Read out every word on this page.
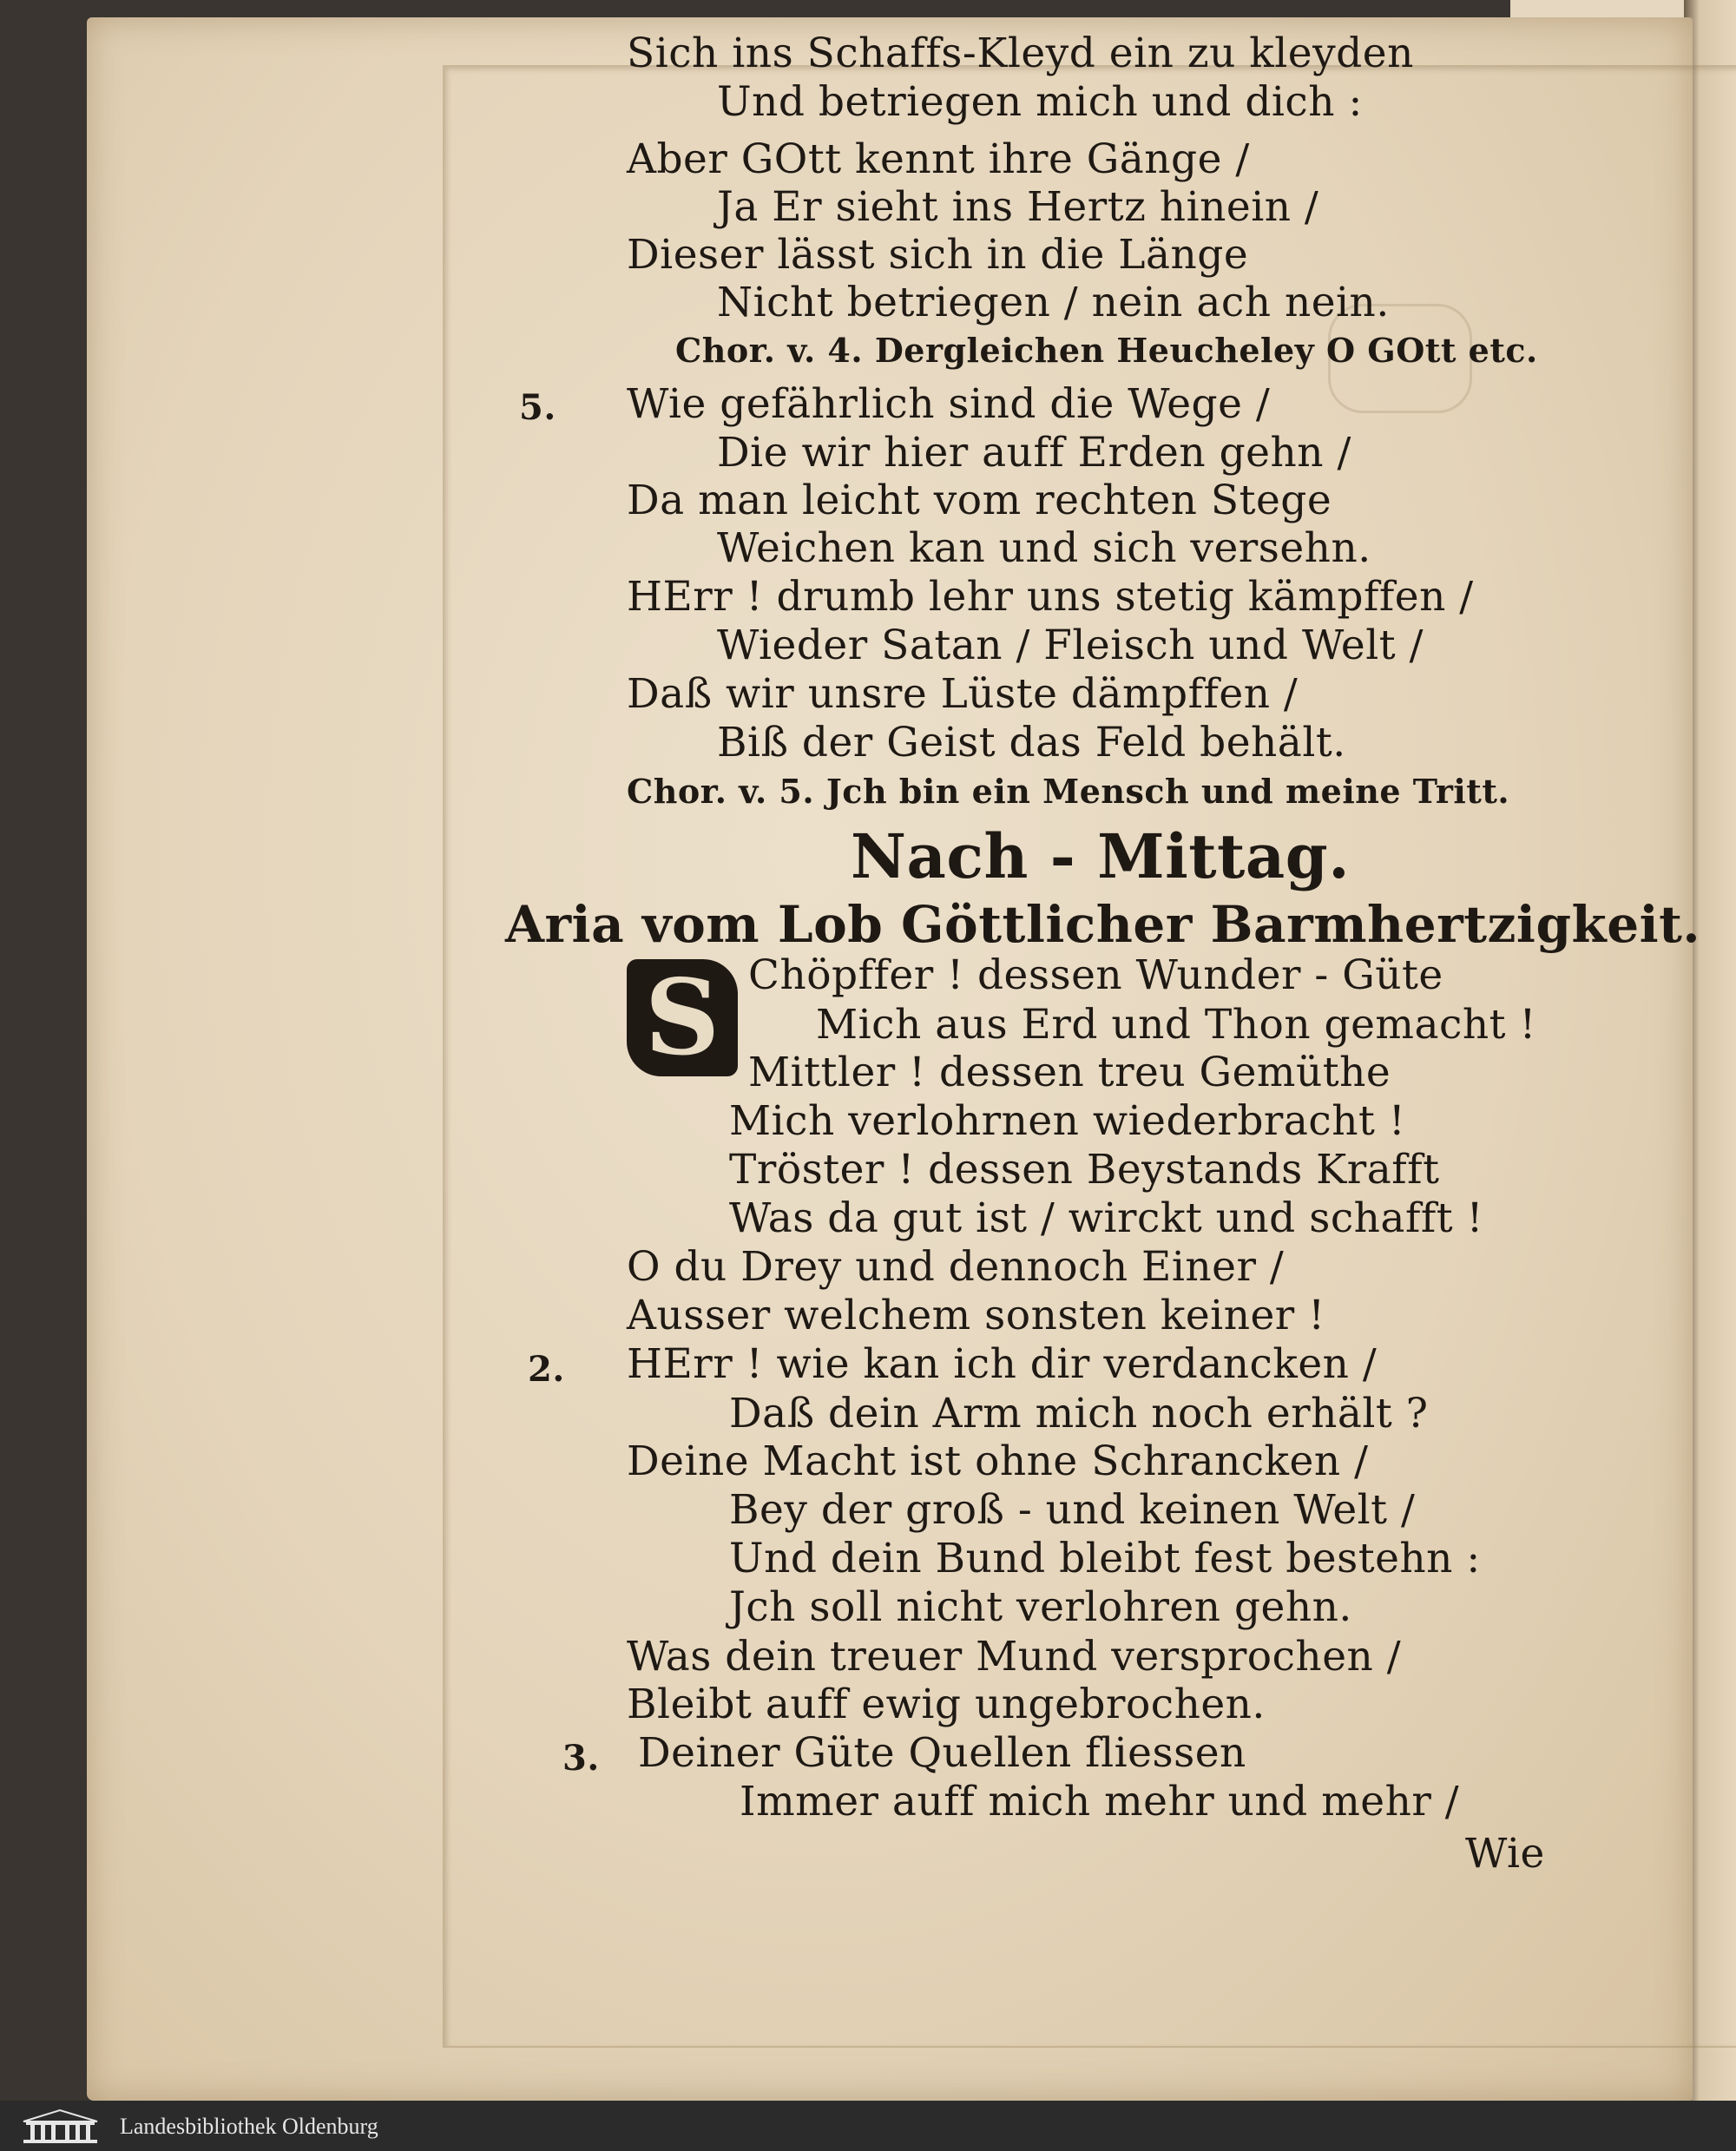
Sich ins Schaffs-Kleyd ein zu kleyden

Und betriegen mich und dich :

Aber GOtt kennt ihre Gänge /

Ja Er sieht ins Hertz hinein /

Dieser lässt sich in die Länge

Nicht betriegen / nein ach nein.

Chor. v. 4. Dergleichen Heucheley O GOtt etc.

5. Wie gefährlich sind die Wege /

Die wir hier auff Erden gehn /

Da man leicht vom rechten Stege

Weichen kan und sich versehn.

HErr ! drumb lehr uns stetig kämpffen /

Wieder Satan / Fleisch und Welt /

Daß wir unsre Lüste dämpffen /

Biß der Geist das Feld behält.

Chor. v. 5. Jch bin ein Mensch und meine Tritt.

Nach - Mittag.

Aria vom Lob Göttlicher Barmhertzigkeit.

S Chöpffer ! dessen Wunder - Güte

Mich aus Erd und Thon gemacht !

Mittler ! dessen treu Gemüthe

Mich verlohrnen wiederbracht !

Tröster ! dessen Beystands Krafft

Was da gut ist / wirckt und schafft !

O du Drey und dennoch Einer /

Ausser welchem sonsten keiner !

2. HErr ! wie kan ich dir verdancken /

Daß dein Arm mich noch erhält ?

Deine Macht ist ohne Schrancken /

Bey der groß - und keinen Welt /

Und dein Bund bleibt fest bestehn :

Jch soll nicht verlohren gehn.

Was dein treuer Mund versprochen /

Bleibt auff ewig ungebrochen.

3. Deiner Güte Quellen fliessen

Immer auff mich mehr und mehr /

Wie

Landesbibliothek Oldenburg
